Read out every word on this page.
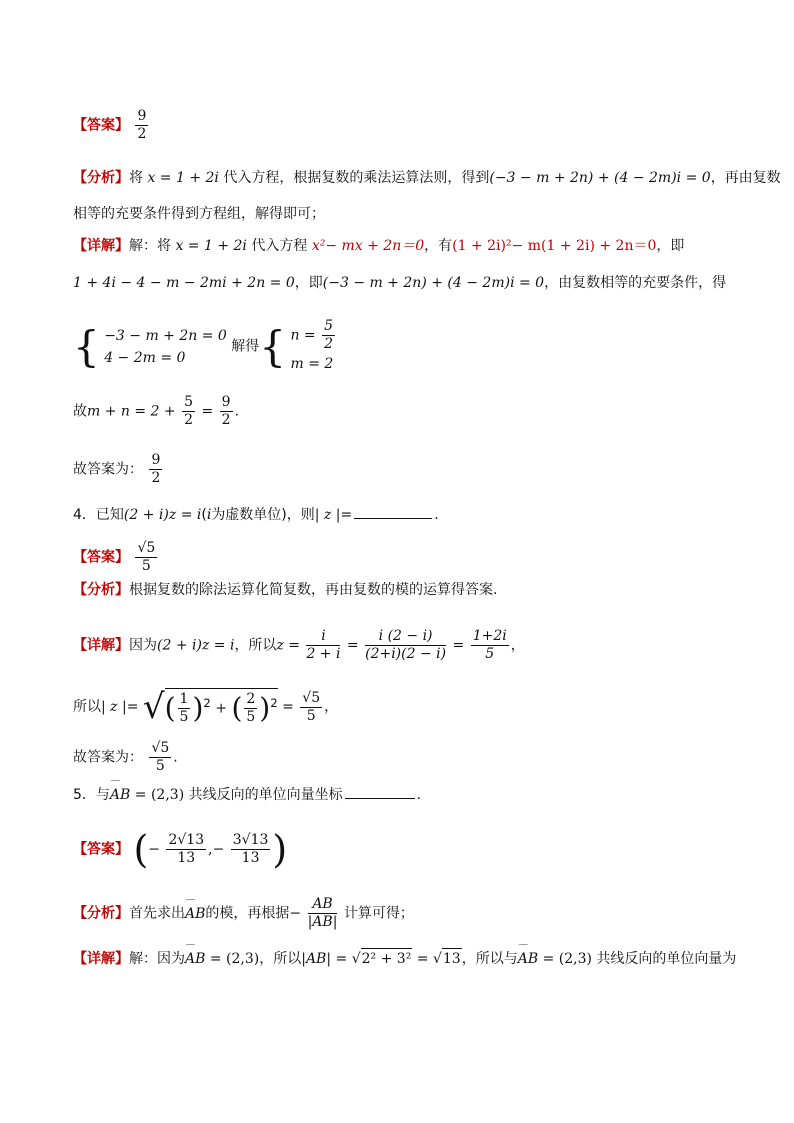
【答案】 $\frac{9}{2}$
【分析】将 x = 1 + 2i 代入方程，根据复数的乘法运算法则，得到(−3 − m + 2n) + (4 − 2m)i = 0，再由复数
相等的充要条件得到方程组，解得即可；
【详解】解：将 x = 1 + 2i 代入方程 x²− mx + 2n＝0，有(1 + 2i)²− m(1 + 2i) + 2n＝0，即
1 + 4i − 4 − m − 2mi + 2n = 0，即(−3 − m + 2n) + (4 − 2m)i = 0，由复数相等的充要条件，得
{ −3 − m + 2n = 0
4 − 2m = 0
解得{ $n = \frac{5}{2}$
m = 2
故$m + n = 2 + \frac{5}{2} = \frac{9}{2}$ .
故答案为： $\frac{9}{2}$
4．已知(2 + i)z = i(i为虚数单位)，则| z |=	.
【答案】 $\frac{√5}{5}$
【分析】根据复数的除法运算化简复数，再由复数的模的运算得答案.
【详解】因为(2 + i)z = i，所以$z = \frac{i}{2 + i} = \frac{i (2 - i)}{(2+i)(2 - i)} = \frac{1+2i}{5}$ ，
所以| z |= √( $\frac{1}{5} )^2$ + ( $\frac{2}{5} )^2 = \frac{√5}{5}$ ，
故答案为： $\frac{√5}{5}$ .
5．与‾‾ AB = (2,3) 共线反向的单位向量坐标	.
【答案】 (− $\frac{2√13}{13}$ ,− $\frac{3√13}{13}$ )
【分析】首先求出‾‾ AB的模，再根据− $\frac{AB}{|AB|}$ 计算可得；
【详解】解：因为‾‾ AB = (2,3)，所以|AB| = √2² + 3² = √13，所以与‾‾ AB = (2,3) 共线反向的单位向量为
